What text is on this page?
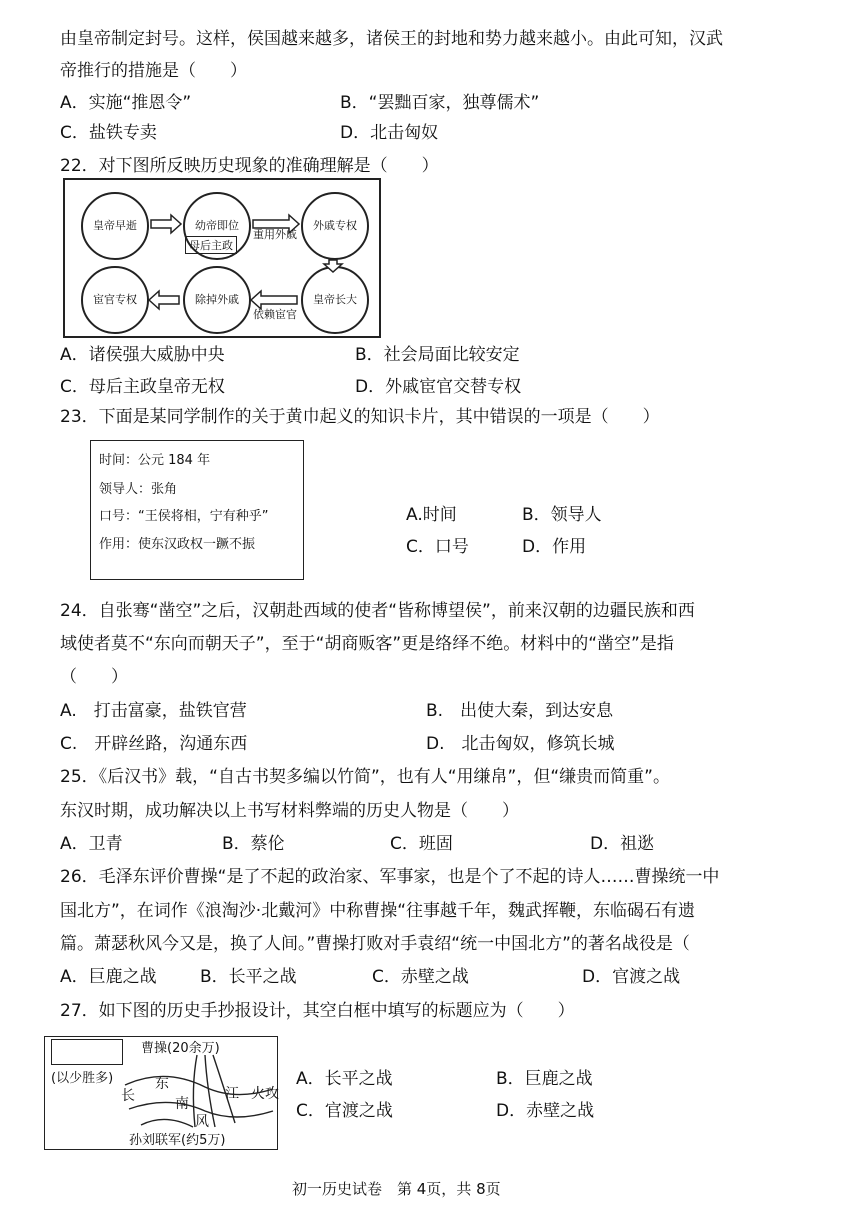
由皇帝制定封号。这样，侯国越来越多，诸侯王的封地和势力越来越小。由此可知，汉武
帝推行的措施是（　　）
A．实施“推恩令”	B．“罢黜百家，独尊儒术”
C．盐铁专卖	D．北击匈奴
22．对下图所反映历史现象的准确理解是（　　）
皇帝早逝	幼帝即位
母后主政
外戚专权
重用外戚
皇帝长大
除掉外戚
依赖宦官
宦官专权
A．诸侯强大威胁中央	B．社会局面比较安定
C．母后主政皇帝无权	D．外戚宦官交替专权
23．下面是某同学制作的关于黄巾起义的知识卡片，其中错误的一项是（　　）
时间：公元 184 年
领导人：张角
口号：“王侯将相，宁有种乎”
作用：使东汉政权一蹶不振
A.时间	B．领导人
C．口号	D．作用
24．自张骞“凿空”之后，汉朝赴西域的使者“皆称博望侯”，前来汉朝的边疆民族和西
域使者莫不“东向而朝天子”，至于“胡商贩客”更是络绎不绝。材料中的“凿空”是指
（　　）
A.　打击富豪，盐铁官营	B.　出使大秦，到达安息
C.　开辟丝路，沟通东西	D.　北击匈奴，修筑长城
25．《后汉书》载，“自古书契多编以竹简”，也有人“用缣帛”，但“缣贵而简重”。
东汉时期，成功解决以上书写材料弊端的历史人物是（　　）
A．卫青	B．蔡伦	C．班固	D．祖逖
26．毛泽东评价曹操“是了不起的政治家、军事家，也是个了不起的诗人……曹操统一中
国北方”，在词作《浪淘沙·北戴河》中称曹操“往事越千年，魏武挥鞭，东临碣石有遗
篇。萧瑟秋风今又是，换了人间。”曹操打败对手袁绍“统一中国北方”的著名战役是（
A．巨鹿之战	B．长平之战	C．赤壁之战	D．官渡之战
27．如下图的历史手抄报设计，其空白框中填写的标题应为（　　）
曹操(20余万)
(以少胜多)
长
东
南
江
风
火攻
孙刘联军(约5万)
A．长平之战	B．巨鹿之战
C．官渡之战	D．赤壁之战
初一历史试卷　第 4页，共 8页
